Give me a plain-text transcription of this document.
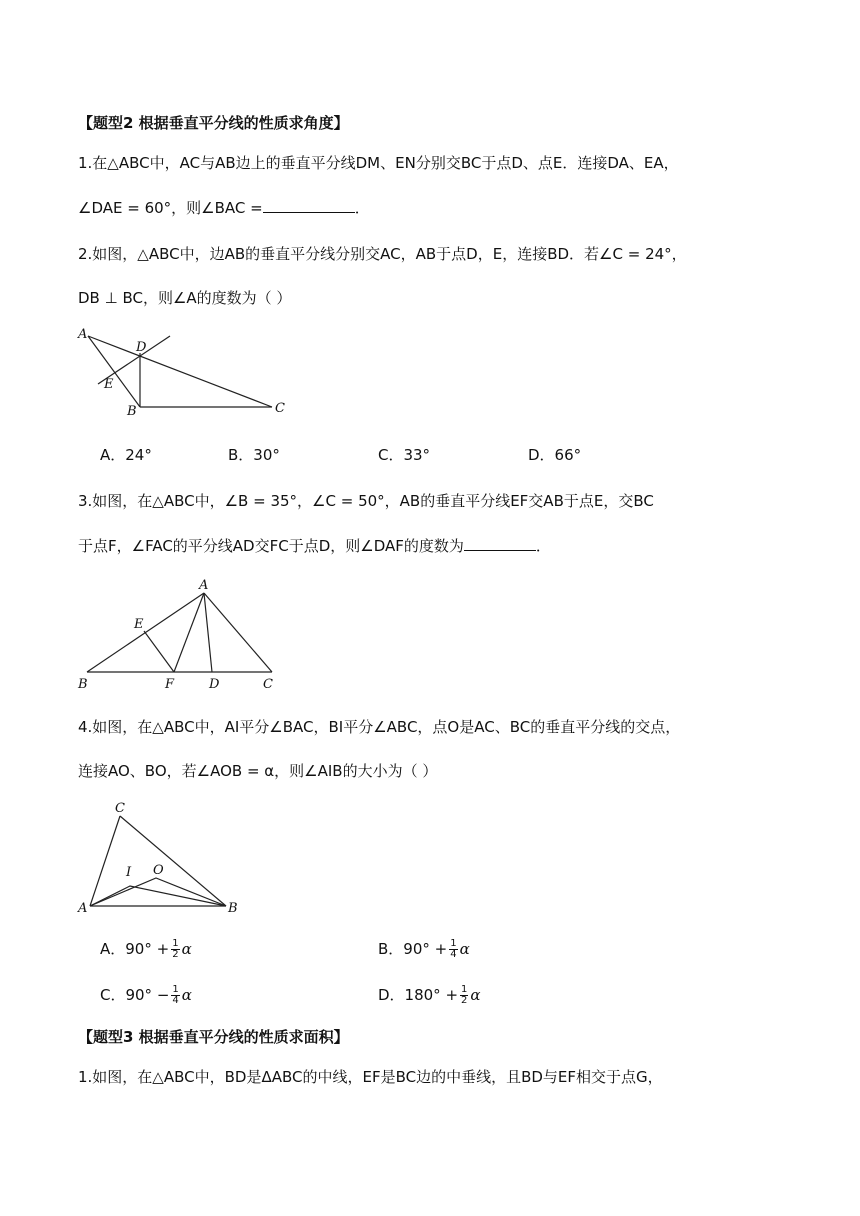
【题型2 根据垂直平分线的性质求角度】
1.在△ABC中，AC与AB边上的垂直平分线DM、EN分别交BC于点D、点E．连接DA、EA，
∠DAE = 60°，则∠BAC =	．
2.如图，△ABC中，边AB的垂直平分线分别交AC，AB于点D，E，连接BD．若∠C = 24°，
DB ⊥ BC，则∠A的度数为（ ）
A
D
E
B	C
A．24°	B．30°	C．33°	D．66°
3.如图，在△ABC中，∠B = 35°，∠C = 50°，AB的垂直平分线EF交AB于点E，交BC
于点F，∠FAC的平分线AD交FC于点D，则∠DAF的度数为	．
A
E
B	F	D	C
4.如图，在△ABC中，AI平分∠BAC，BI平分∠ABC，点O是AC、BC的垂直平分线的交点，
连接AO、BO，若∠AOB = α，则∠AIB的大小为（ ）
C
I O
A	B
A．$90^\circ + \frac{1}{2}$ α	B．$90^\circ + \frac{1}{4}$ α
C．$90^\circ - \frac{1}{4}$ α	D．$180^\circ + \frac{1}{2}$ α
【题型3 根据垂直平分线的性质求面积】
1.如图，在△ABC中，BD是ΔABC的中线，EF是BC边的中垂线，且BD与EF相交于点G，
